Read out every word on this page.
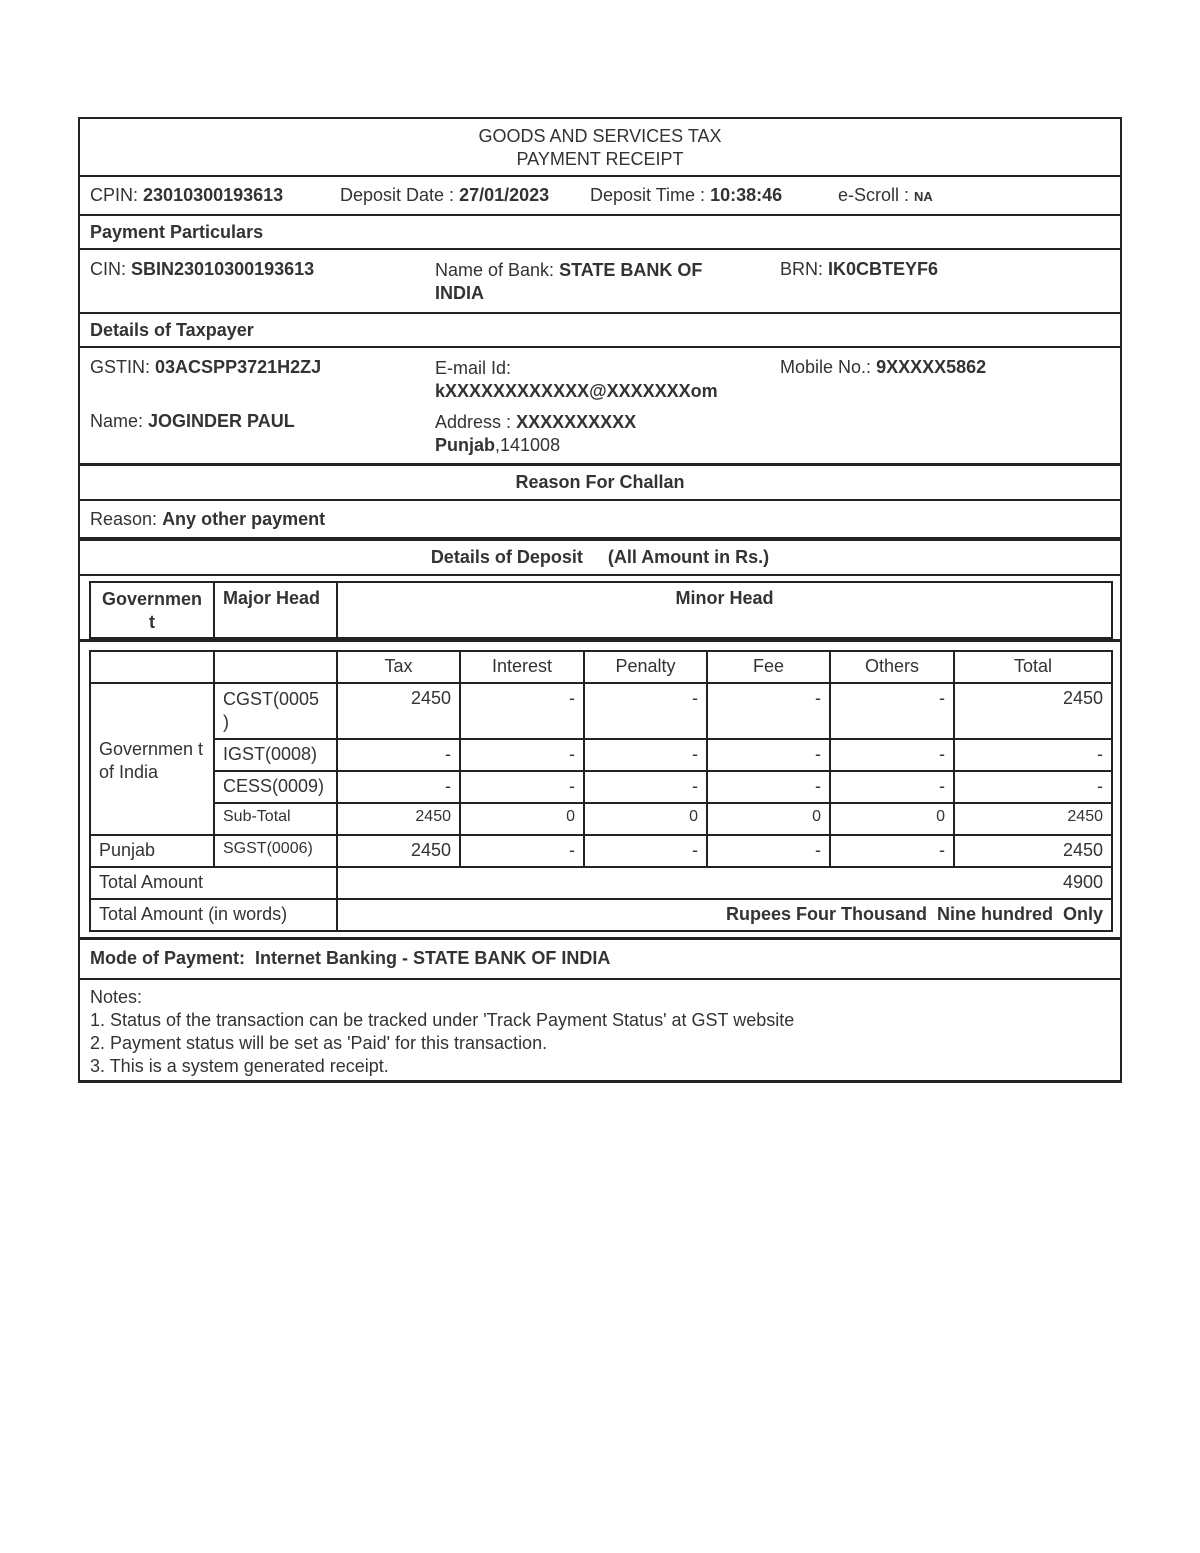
GOODS AND SERVICES TAX
PAYMENT RECEIPT
CPIN: 23010300193613	Deposit Date : 27/01/2023 Deposit Time : 10:38:46	e-Scroll : NA
Payment Particulars
CIN: SBIN23010300193613	Name of Bank: STATE BANK OF
INDIA
BRN: IK0CBTEYF6
Details of Taxpayer
GSTIN: 03ACSPP3721H2ZJ	E-mail Id:
kXXXXXXXXXXXX@XXXXXXXom
Mobile No.: 9XXXXX5862
Name: JOGINDER PAUL	Address : XXXXXXXXXX
Punjab,141008
Reason For Challan
Reason: Any other payment
Details of Deposit (All Amount in Rs.)
Governmen t	Major Head	Minor Head
		Tax	Interest	Penalty	Fee	Others	Total
Governmen t of India	CGST(0005 )	2450	-	-	-	-	2450
	IGST(0008)	-	-	-	-	-	-
	CESS(0009)	-	-	-	-	-	-
	Sub-Total	2450	0	0	0	0	2450
Punjab	SGST(0006)	2450	-	-	-	-	2450
Total Amount		4900					
Total Amount (in words)		Rupees Four Thousand  Nine hundred  Only					
Mode of Payment: Internet Banking - STATE BANK OF INDIA
Notes:
1. Status of the transaction can be tracked under 'Track Payment Status' at GST website
2. Payment status will be set as 'Paid' for this transaction.
3. This is a system generated receipt.
